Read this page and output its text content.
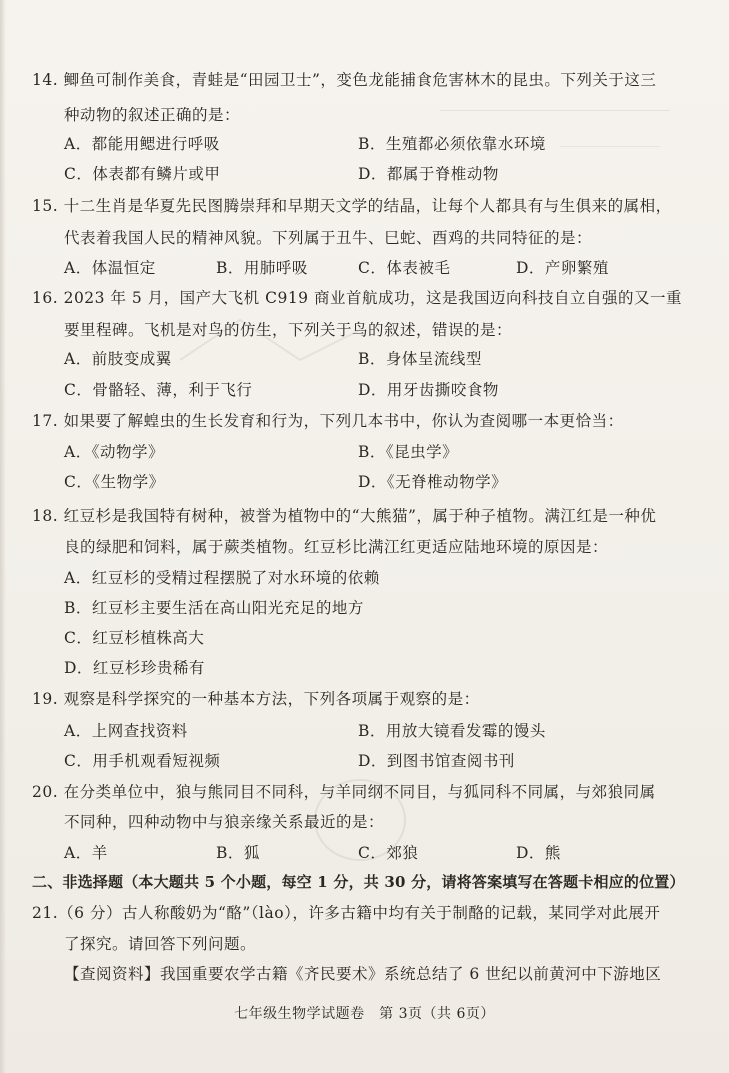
14. 鲫鱼可制作美食，青蛙是“田园卫士”，变色龙能捕食危害林木的昆虫。下列关于这三
种动物的叙述正确的是：
A．都能用鳃进行呼吸	B．生殖都必须依靠水环境
C．体表都有鳞片或甲	D．都属于脊椎动物
15. 十二生肖是华夏先民图腾崇拜和早期天文学的结晶，让每个人都具有与生俱来的属相，
代表着我国人民的精神风貌。下列属于丑牛、巳蛇、酉鸡的共同特征的是：
A．体温恒定	B．用肺呼吸	C．体表被毛	D．产卵繁殖
16. 2023 年 5 月，国产大飞机 C919 商业首航成功，这是我国迈向科技自立自强的又一重
要里程碑。飞机是对鸟的仿生，下列关于鸟的叙述，错误的是：
A．前肢变成翼	B．身体呈流线型
C．骨骼轻、薄，利于飞行	D．用牙齿撕咬食物
17. 如果要了解蝗虫的生长发育和行为，下列几本书中，你认为查阅哪一本更恰当：
A．《动物学》	B．《昆虫学》
C．《生物学》	D．《无脊椎动物学》
18. 红豆杉是我国特有树种，被誉为植物中的“大熊猫”，属于种子植物。满江红是一种优
良的绿肥和饲料，属于蕨类植物。红豆杉比满江红更适应陆地环境的原因是：
A．红豆杉的受精过程摆脱了对水环境的依赖
B．红豆杉主要生活在高山阳光充足的地方
C．红豆杉植株高大
D．红豆杉珍贵稀有
19. 观察是科学探究的一种基本方法，下列各项属于观察的是：
A．上网查找资料	B．用放大镜看发霉的馒头
C．用手机观看短视频	D．到图书馆查阅书刊
20. 在分类单位中，狼与熊同目不同科，与羊同纲不同目，与狐同科不同属，与郊狼同属
不同种，四种动物中与狼亲缘关系最近的是：
A．羊	B．狐	C．郊狼	D．熊
二、非选择题（本大题共 5 个小题，每空 1 分，共 30 分，请将答案填写在答题卡相应的位置）
21.（6 分）古人称酸奶为“酪”（lào），许多古籍中均有关于制酪的记载，某同学对此展开
了探究。请回答下列问题。
【查阅资料】我国重要农学古籍《齐民要术》系统总结了 6 世纪以前黄河中下游地区
七年级生物学试题卷　第 3页（共 6页）
